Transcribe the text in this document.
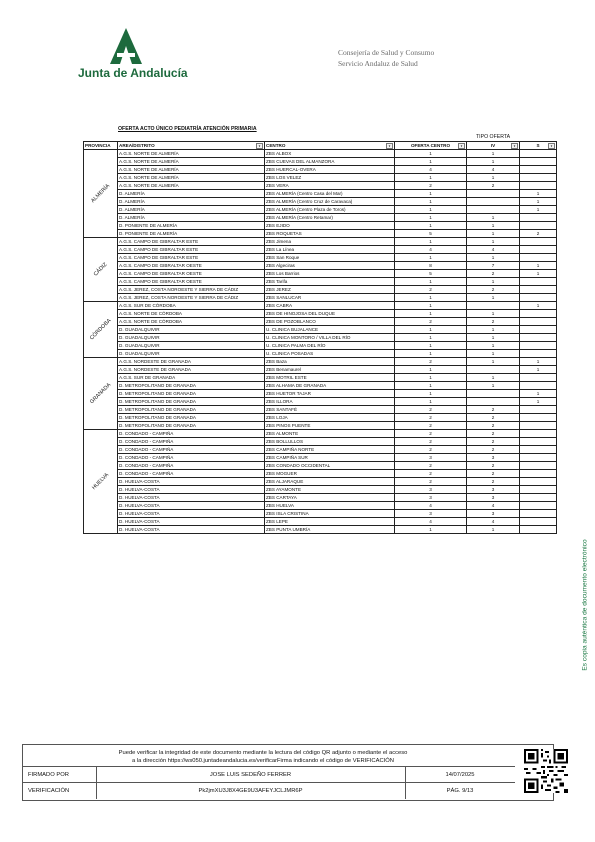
Junta de Andalucía
Consejería de Salud y Consumo
Servicio Andaluz de Salud
OFERTA ACTO ÚNICO PEDIATRÍA ATENCIÓN PRIMARIA
TIPO OFERTA
PROVINCIA	AREA/DISTRITO ▾	CENTRO ▾	OFERTA CENTRO ▾	IV ▾	S ▾

ALMERÍA	A.G.S. NORTE DE ALMERÍA	ZBS ALBOX	1	1	
	A.G.S. NORTE DE ALMERÍA	ZBS CUEVAS DEL ALMANZORA	1	1	
	A.G.S. NORTE DE ALMERÍA	ZBS HUERCAL-OVERA	4	4	
	A.G.S. NORTE DE ALMERÍA	ZBS LOS VELEZ	1	1	
	A.G.S. NORTE DE ALMERÍA	ZBS VERA	2	2	
	D. ALMERÍA	ZBS ALMERÍA (Centro Casa del Mar)	1		1
	D. ALMERÍA	ZBS ALMERÍA (Centro Cruz de Caravaca)	1		1
	D. ALMERÍA	ZBS ALMERÍA (Centro Plaza de Toros)	1		1
	D. ALMERÍA	ZBS ALMERÍA (Centro Retamar)	1	1	
	D. PONIENTE DE ALMERÍA	ZBS EJIDO	1	1	
	D. PONIENTE DE ALMERÍA	ZBS ROQUETAS	5	1	2

CÁDIZ	A.G.S. CAMPO DE GIBRALTAR ESTE	ZBS Jimena	1	1	
	A.G.S. CAMPO DE GIBRALTAR ESTE	ZBS La Línea	4	4	
	A.G.S. CAMPO DE GIBRALTAR ESTE	ZBS San Roque	1	1	
	A.G.S. CAMPO DE GIBRALTAR OESTE	ZBS Algeciras	8	7	1
	A.G.S. CAMPO DE GIBRALTAR OESTE	ZBS Los Barrios	5	2	1
	A.G.S. CAMPO DE GIBRALTAR OESTE	ZBS Tarifa	1	1	
	A.G.S. JEREZ, COSTA NOROESTE Y SIERRA DE CÁDIZ	ZBS JEREZ	2	2	
	A.G.S. JEREZ, COSTA NOROESTE Y SIERRA DE CÁDIZ	ZBS SANLUCAR	1	1	

CÓRDOBA	A.G.S. SUR DE CÓRDOBA	ZBS CABRA	1		1
	A.G.S. NORTE DE CÓRDOBA	ZBS DE HINOJOSA DEL DUQUE	1	1	
	A.G.S. NORTE DE CÓRDOBA	ZBS DE POZOBLANCO	2	2	
	D. GUADALQUIVIR	U. CLINICA BUJALANCE	1	1	
	D. GUADALQUIVIR	U. CLINICA MONTORO / VILLA DEL RÍO	1	1	
	D. GUADALQUIVIR	U. CLINICA PALMA DEL RÍO	1	1	
	D. GUADALQUIVIR	U. CLINICA POSADAS	1	1	

GRANADA	A.G.S. NORDESTE DE GRANADA	ZBS Baza	2	1	1
	A.G.S. NORDESTE DE GRANADA	ZBS Benamaurel	1		1
	A.G.S. SUR DE GRANADA	ZBS MOTRIL ESTE	1	1	
	D. METROPOLITANO DE GRANADA	ZBS ALHAMA DE GRANADA	1	1	
	D. METROPOLITANO DE GRANADA	ZBS HUETOR TAJAR	1		1
	D. METROPOLITANO DE GRANADA	ZBS ILLORA	1		1
	D. METROPOLITANO DE GRANADA	ZBS SANTAFÉ	2	2	
	D. METROPOLITANO DE GRANADA	ZBS LOJA	2	2	
	D. METROPOLITANO DE GRANADA	ZBS PINOS PUENTE	2	2	

HUELVA	D. CONDADO - CAMPIÑA	ZBS ALMONTE	2	2	
	D. CONDADO - CAMPIÑA	ZBS BOLLULLOS	2	2	
	D. CONDADO - CAMPIÑA	ZBS CAMPIÑA NORTE	2	2	
	D. CONDADO - CAMPIÑA	ZBS CAMPIÑA SUR	3	3	
	D. CONDADO - CAMPIÑA	ZBS CONDADO OCCIDENTAL	2	2	
	D. CONDADO - CAMPIÑA	ZBS MOGUER	2	2	
	D. HUELVA-COSTA	ZBS ALJARAQUE	2	2	
	D. HUELVA-COSTA	ZBS AYAMONTE	3	3	
	D. HUELVA-COSTA	ZBS CARTAYA	3	3	
	D. HUELVA-COSTA	ZBS HUELVA	4	4	
	D. HUELVA-COSTA	ZBS ISLA CRISTINA	3	3	
	D. HUELVA-COSTA	ZBS LEPE	4	4	
	D. HUELVA-COSTA	ZBS PUNTA UMBRÍA	1	1	
Es copia auténtica de documento electrónico
Puede verificar la integridad de este documento mediante la lectura del código QR adjunto o mediante el acceso
a la dirección https://ws050.juntadeandalucia.es/verificarFirma indicando el código de VERIFICACIÓN
FIRMADO POR	JOSE LUIS SEDEÑO FERRER	14/07/2025
VERIFICACIÓN	Pk2jmXU3J8X4GE9U3AFEYJCLJMR6P	PÁG. 9/13
